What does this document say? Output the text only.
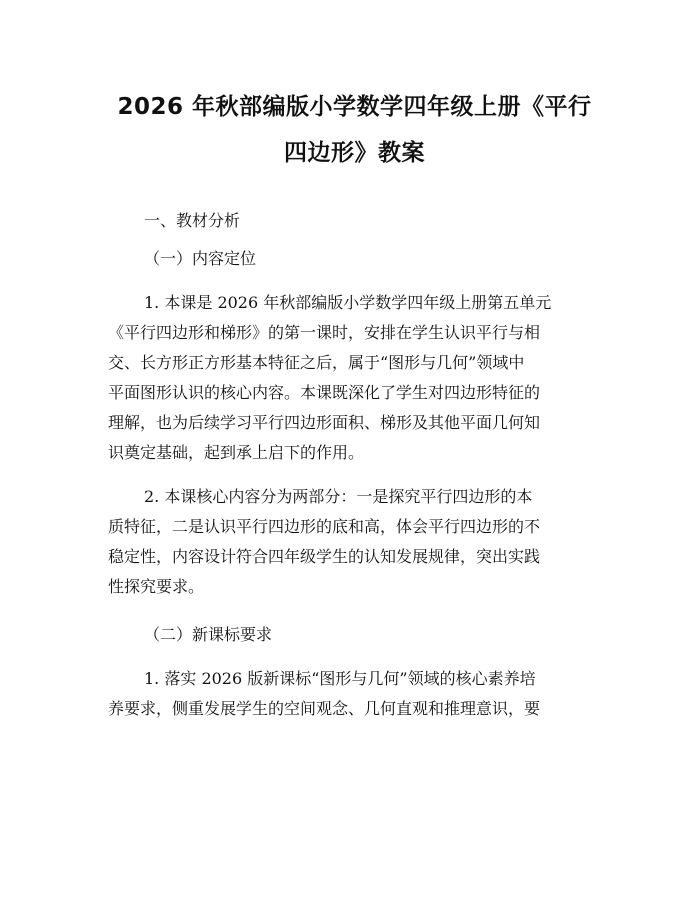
2026 年秋部编版小学数学四年级上册《平行
四边形》教案
一、教材分析
（一）内容定位

1. 本课是 2026 年秋部编版小学数学四年级上册第五单元
《平行四边形和梯形》的第一课时，安排在学生认识平行与相
交、长方形正方形基本特征之后，属于“图形与几何”领域中
平面图形认识的核心内容。本课既深化了学生对四边形特征的
理解，也为后续学习平行四边形面积、梯形及其他平面几何知
识奠定基础，起到承上启下的作用。

2. 本课核心内容分为两部分：一是探究平行四边形的本
质特征，二是认识平行四边形的底和高，体会平行四边形的不
稳定性，内容设计符合四年级学生的认知发展规律，突出实践
性探究要求。

（二）新课标要求

1. 落实 2026 版新课标“图形与几何”领域的核心素养培
养要求，侧重发展学生的空间观念、几何直观和推理意识，要
